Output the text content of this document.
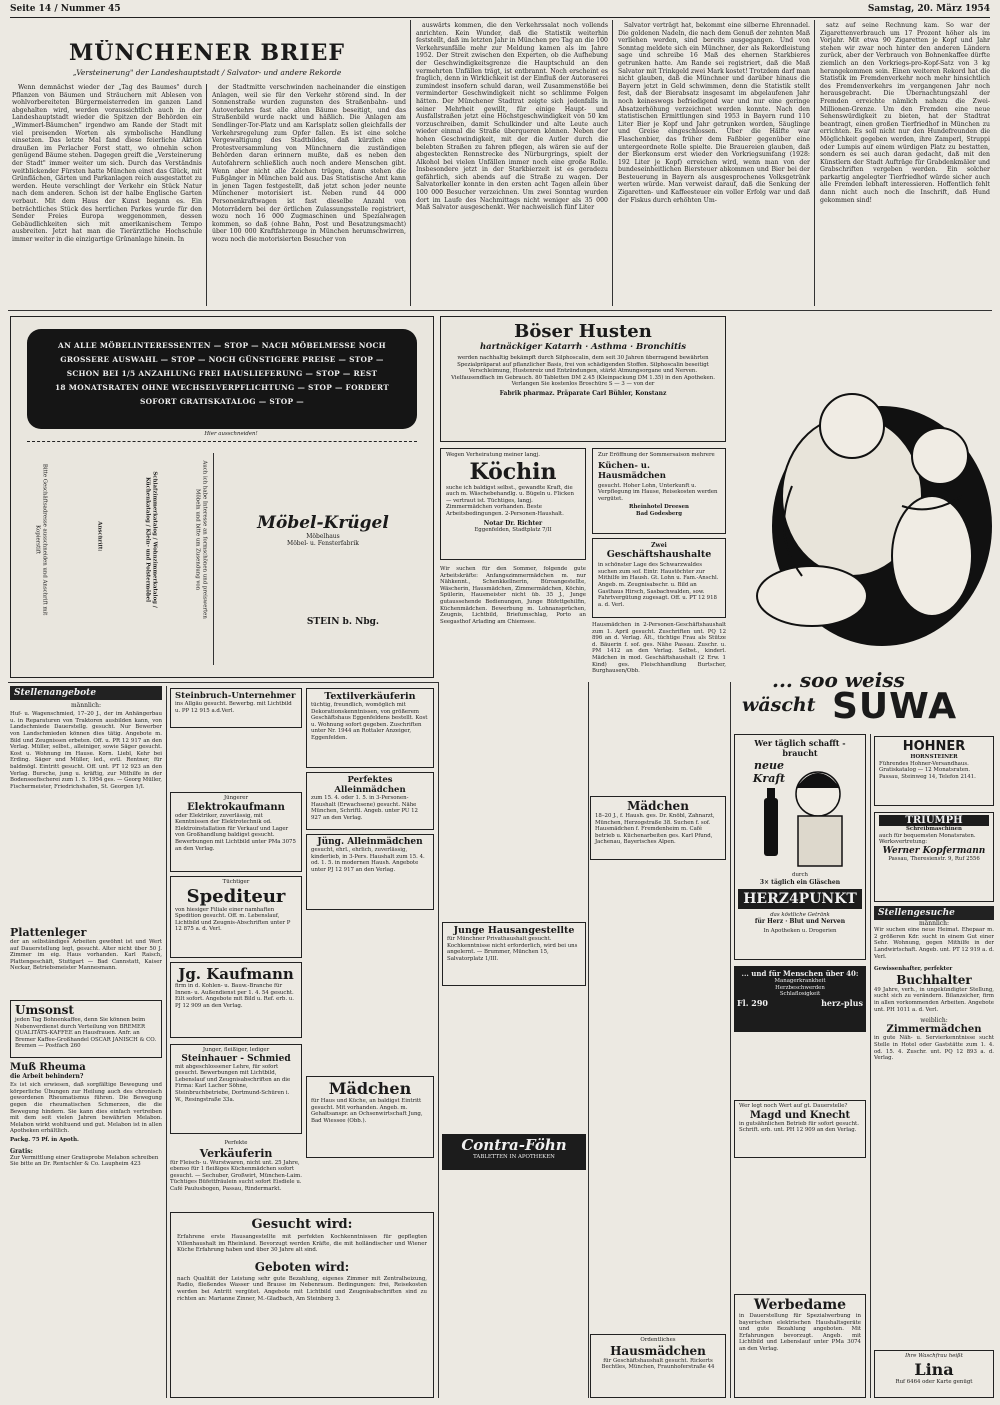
Seite 14 / Nummer 45	Samstag, 20. März 1954
MÜNCHENER BRIEF
„Versteinerung" der Landeshauptstadt / Salvator- und andere Rekorde

Wenn demnächst wieder der „Tag des Baumes" durch Pflanzen von Bäumen und Sträuchern mit Ablesen von wohlvorbereiteten Bürgermeisterreden im ganzen Land abgehalten wird, werden voraussichtlich auch in der Landeshauptstadt wieder die Spitzen der Behörden ein „Wimmerl-Bäumchen" irgendwo am Rande der Stadt mit viel preisenden Worten als symbolische Handlung einsetzen. Das letzte Mal fand diese feierliche Aktion draußen im Perlacher Forst statt, wo ohnehin schon genügend Bäume stehen. Dagegen greift die „Versteinerung der Stadt" immer weiter um sich. Durch das Verständnis weitblickender Fürsten hatte München einst das Glück, mit Grünflächen, Gärten und Parkanlagen reich ausgestattet zu werden. Heute verschlingt der Verkehr ein Stück Natur nach dem anderen. Schon ist der halbe Englische Garten verbaut. Mit dem Haus der Kunst begann es. Ein beträchtliches Stück des herrlichen Parkes wurde für den Sender Freies Europa weggenommen, dessen Gebäudlichkeiten sich mit amerikanischem Tempo ausbreiten. Jetzt hat man die Tierärztliche Hochschule immer weiter in die einzigartige Grünanlage hinein. In

der Stadtmitte verschwinden nacheinander die einstigen Anlagen, weil sie für den Verkehr störend sind. In der Sonnenstraße wurden zugunsten des Straßenbahn- und Autoverkehrs fast alle alten Bäume beseitigt, und das Straßenbild wurde nackt und häßlich. Die Anlagen am Sendlinger-Tor-Platz und am Karlsplatz sollen gleichfalls der Verkehrsregelung zum Opfer fallen. Es ist eine solche Vergewaltigung des Stadtbildes, daß kürzlich eine Protestversammlung von Münchnern die zuständigen Behörden daran erinnern mußte, daß es neben den Autofahrern schließlich auch noch andere Menschen gibt. Wenn aber nicht alle Zeichen trügen, dann stehen die Fußgänger in München bald aus. Das Statistische Amt kann in jenen Tagen festgestellt, daß jetzt schon jeder neunte Münchener motorisiert ist. Neben rund 44 000 Personenkraftwagen ist fast dieselbe Anzahl von Motorrädern bei der örtlichen Zulassungsstelle registriert, wozu noch 16 000 Zugmaschinen und Spezialwagen kommen, so daß (ohne Bahn, Post und Besatzungsmacht) über 100 000 Kraftfahrzeuge in München herumschwirren, wozu noch die motorisierten Besucher von

auswärts kommen, die den Verkehrssalat noch vollends anrichten. Kein Wunder, daß die Statistik weiterhin feststellt, daß im letzten Jahr in München pro Tag an die 100 Verkehrsunfälle mehr zur Meldung kamen als im Jahre 1952. Der Streit zwischen den Experten, ob die Aufhebung der Geschwindigkeitsgrenze die Hauptschuld an den vermehrten Unfällen trägt, ist entbrannt. Noch erscheint es fraglich, denn in Wirklichkeit ist der Einfluß der Autoraserei zumindest insofern schuld daran, weil Zusammenstöße bei verminderter Geschwindigkeit nicht so schlimme Folgen hätten. Der Münchener Stadtrat zeigte sich jedenfalls in seiner Mehrheit gewillt, für einige Haupt- und Ausfallstraßen jetzt eine Höchstgeschwindigkeit von 50 km vorzuschreiben, damit Schulkinder und alte Leute auch wieder einmal die Straße überqueren können. Neben der hohen Geschwindigkeit, mit der die Autler durch die belebten Straßen zu fahren pflegen, als wären sie auf der abgesteckten Rennstrecke des Nürburgrings, spielt der Alkohol bei vielen Unfällen immer noch eine große Rolle. Insbesondere jetzt in der Starkbierzeit ist es geradezu gefährlich, sich abends auf die Straße zu wagen. Der Salvatorkeller konnte in den ersten acht Tagen allein über 100 000 Besucher verzeichnen. Um zwei Sonntag wurden dort im Laufe des Nachmittags nicht weniger als 35 000 Maß Salvator ausgeschenkt. Wer nachweislich fünf Liter

Salvator verträgt hat, bekommt eine silberne Ehrennadel. Die goldenen Nadeln, die nach dem Genuß der zehnten Maß verliehen werden, sind bereits ausgegangen. Und von Sonntag meldete sich ein Münchner, der als Rekordleistung sage und schreibe 16 Maß des ehernen Starkbieres getrunken hatte. Am Rande sei registriert, daß die Maß Salvator mit Trinkgeld zwei Mark kostet! Trotzdem darf man nicht glauben, daß die Münchner und darüber hinaus die Bayern jetzt in Geld schwimmen, denn die Statistik stellt fest, daß der Bierabsatz insgesamt im abgelaufenen Jahr noch keineswegs befriedigend war und nur eine geringe Absatzerhöhung verzeichnet werden konnte. Nach den statistischen Ermittlungen sind 1953 in Bayern rund 110 Liter Bier je Kopf und Jahr getrunken worden, Säuglinge und Greise eingeschlossen. Über die Hälfte war Flaschenbier, das früher dem Faßbier gegenüber eine untergeordnete Rolle spielte. Die Brauereien glauben, daß der Bierkonsum erst wieder den Vorkriegsumfang (1928: 192 Liter je Kopf) erreichen wird, wenn man von der bundeseinheitlichen Biersteuer abkommen und Bier bei der Besteuerung in Bayern als ausgesprochenes Volksgetränk werten würde. Man verweist darauf, daß die Senkung der Zigaretten- und Kaffeesteuer ein voller Erfolg war und daß der Fiskus durch erhöhten Um-

satz auf seine Rechnung kam. So war der Zigarettenverbrauch um 17 Prozent höher als im Vorjahr. Mit etwa 90 Zigaretten je Kopf und Jahr stehen wir zwar noch hinter den anderen Ländern zurück, aber der Verbrauch von Bohnenkaffee dürfte ziemlich an den Vorkriegs-pro-Kopf-Satz von 3 kg herangekommen sein. Einen weiteren Rekord hat die Statistik im Fremdenverkehr noch mehr hinsichtlich des Fremdenverkehrs im vergangenen Jahr noch herausgebracht. Die Übernachtungszahl der Fremden erreichte nämlich nahezu die Zwei-Millionen-Grenze. Um den Fremden eine neue Sehenswürdigkeit zu bieten, hat der Stadtrat beantragt, einen großen Tierfriedhof in München zu errichten. Es soll nicht nur den Hundefreunden die Möglichkeit gegeben werden, ihre Zamperl, Struppi oder Lumpis auf einem würdigen Platz zu bestatten, sondern es sei auch daran gedacht, daß mit den Künstlern der Stadt Aufträge für Grabdenkmäler und Grabschriften vergeben werden. Ein solcher parkartig angelegter Tierfriedhof würde sicher auch alle Fremden lebhaft interessieren. Hoffentlich fehlt dann nicht auch noch die Inschrift, daß Hund gekommen sind!

AN ALLE MÖBELINTERESSENTEN — STOP — NACH MÖBELMESSE NOCH
GROSSERE AUSWAHL — STOP — NOCH GÜNSTIGERE PREISE — STOP —
SCHON BEI 1/5 ANZAHLUNG FREI HAUSLIEFERUNG — STOP — REST
18 MONATSRATEN OHNE WECHSELVERPFLICHTUNG — STOP — FORDERT
SOFORT GRATISKATALOG — STOP —
Hier ausschneiden!
Bitte Geschäftsadresse ausschneiden und Anschrift mit Kopierstift	Anschrift:	Auch ich habe Interesse an formschönen und preiswerten Möbeln und bitte um Zusendung von
Schlafzimmerkatalog / Wohnzimmerkatalog / Küchenkatalog / Klein- und Polstermöbel	Möbel-Krügel
Möbelhaus
Möbel- u. Fensterfabrik
STEIN b. Nbg.
Böser Husten
hartnäckiger Katarrh · Asthma · Bronchitis
werden nachhaltig bekämpft durch Silphoscalin, dem seit 30 Jahren überragend bewährten Spezialpräparat auf pflanzlicher Basis, frei von schädigenden Stoffen. Silphoscalin beseitigt Verschleimung, Hustenreiz und Entzündungen, stärkt Atmungsorgane und Nerven. Vielfausendfach im Gebrauch. 80 Tabletten DM 2.45 (Kleinpackung DM 1.35) in den Apotheken. Verlangen Sie kostenlos Broschüre S — 3 — von der
Fabrik pharmaz. Präparate Carl Bühler, Konstanz
Wegen Verheiratung meiner langj.
Köchin
suche ich baldigst selbst., gewandte Kraft, die auch m. Wäschebehandlg. u. Bügeln u. Flicken — vertraut ist. Tüchtiges, langj. Zimmermädchen vorhanden. Beste Arbeitsbedingungen. 2-Personen-Haushalt.
Notar Dr. Richter
Eggenfelden, Stadtplatz 7/II
Zur Eröffnung der Sommersaison mehrere
Küchen- u. Hausmädchen
gesucht. Hoher Lohn, Unterkunft u. Verpflegung im Hause, Reisekosten werden vergütet.
Rheinhotel Dreesen
Bad Godesberg
Zwei
Geschäftshaushalte
in schönster Lage des Schwarzwaldes suchen zum sof. Eintr. Haustöchter zur Mithilfe im Haush. Gt. Lohn u. Fam.-Anschl. Angeb. m. Zeugnisabschr. u. Bild an Gasthaus Hirsch, Sasbachwalden, sow. Fahrtvergütung zugesagt. Off. u. PT 12 918 a. d. Verl.
Wir suchen für den Sommer, folgende gute Arbeitskräfte: Anfangszimmermädchen m. nur Nähkennt., Schenkkellnerin, Büroangestellte, Wäscherin, Hausmädchen, Zimmermädchen, Köchin, Spülerin, Hausmeister nicht üb. 35 J., Junge gutaussehende Bedienungen, Junge Büfettgehilfin, Küchenmädchen. Bewerbung m. Lohnansprüchen, Zeugnis, Lichtbild, Briefumschlag, Porto an Seegasthof Arlading am Chiemsee.
Hausmädchen in 2-Personen-Geschäftshaushalt zum 1. April gesucht. Zuschriften unt. PQ 12 896 an d. Verlag. Ält., tüchtige Frau als Stütze d. Bäuerin f. sof. ges. Nähe Passau. Zuschr. u. PM 1412 an den Verlag. Selbst., kinderl. Mädchen in mod. Geschäftshaushalt (2 Erw. 1 Kind) ges. Fleischhandlung Burtscher, Burghausen/Obb.	... soo weiss
wäscht SUWA
Stellenangebote
männlich:
Huf- u. Wagenschmied, 17–20 J., der im Anhängerbau u. in Reparaturen von Traktoren ausbilden kann, von Landschmiede Dauerstellg. gesucht. Nur Bewerber von Landschmieden können dies tätig. Angebote m. Bild und Zeugnissen erbeten. Off. u. PR 12 917 an den Verlag. Müller, selbst., alleiniger, sowie Säger gesucht. Kost u. Wohnung im Hause. Korn. Liebl, Kehr bei Erding. Säger und Müller, led., evtl. Rentner, für baldmögl. Eintritt gesucht. Off. unt. PT 12 923 an den Verlag. Bursche, jung u. kräftig, zur Mithilfe in der Bodenseefischerei zum 1. 5. 1954 ges. — Georg Müller, Fischermeister, Friedrichshafen, St. Georgen 1/I.
Plattenleger
der an selbständiges Arbeiten gewöhnt ist und Wert auf Dauerstellung legt, gesucht. Alter nicht über 50 J. Zimmer im eig. Haus vorhanden. Karl Raisch, Plattengeschäft, Stuttgart — Bad Cannstatt, Kaiser Neckar, Betriebsmeister Mannesmann.
Umsonst
jeden Tag Bohnenkaffee, denn Sie können beim Nebenverdienst durch Verteilung von BREMER QUALITÄTS-KAFFEE an Hausfrauen. Anfr. an Bremer Kaffee-Großhandel OSCAR JANISCH & CO. Bremen — Postfach 260
Muß Rheuma
die Arbeit behindern?
Es ist sich erwiesen, daß sorgfältige Bewegung und körperliche Übungen zur Heilung auch des chronisch gewordenen Rheumatismus führen. Die Bewegung gegen die rheumatischen Schmerzen, die die Bewegung hindern. Sie kann dies einfach vertreiben mit dem seit vielen Jahren bewährten Melabon. Melabon wirkt wohltuend und gut. Melabon ist in allen Apotheken erhältlich.
Packg. 75 Pf. in Apoth.
Gratis:
Zur Vermittlung einer Gratisprobe Melabon schreiben Sie bitte an Dr. Rentschler & Co. Laupheim 423
Steinbruch-Unternehmer
ins Allgäu gesucht. Bewerbg. mit Lichtbild u. PP 12 915 a.d.Verl.
Jüngerer
Elektrokaufmann
oder Elektriker, zuverlässig, mit Kenntnissen der Elektrotechnik od. Elektroinstallation für Verkauf und Lager von Großhandlung baldigst gesucht. Bewerbungen mit Lichtbild unter PMa 3075 an den Verlag.
Tüchtiger
Spediteur
von hiesiger Filiale einer namhaften Spedition gesucht. Off. m. Lebenslauf, Lichtbild und Zeugnis-Abschriften unter P 12 875 a. d. Verl.
Jg. Kaufmann
firm in d. Kohlen- u. Bauw.-Branche für Innen- u. Außendienst per 1. 4. 54 gesucht. Eilt sofort. Angebote mit Bild u. Ref. erb. u. PJ 12 909 an den Verlag.
Junger, fleißiger, lediger
Steinhauer - Schmied
mit abgeschlossener Lehre, für sofort gesucht. Bewerbungen mit Lichtbild, Lebenslauf und Zeugnisabschriften an die Firma: Karl Lacher Söhne, Steinbruchbetriebe, Dortmund-Schüren i. W., Resingstraße 33a.
Perfekte
Verkäuferin
für Fleisch- u. Wurstwaren, nicht unt. 25 Jahre, ebenso für 1 fleißiges Küchenmädchen sofort gesucht. — Sechuber, Großwirt, München-Laim. Tüchtiges Büfettfräulein sucht sofort Eisdiele u. Café Paulusbogen, Passau, Rindermarkt.
Textilverkäuferin
tüchtig, freundlich, womöglich mit Dekorationskenntnissen, von größerem Geschäftshaus Eggenfeldens bestellt. Kost u. Wohnung sofort gegeben. Zuschriften unter Nr. 1944 an Rottaler Anzeiger, Eggenfelden.
Perfektes Alleinmädchen
zum 15. 4. oder 1. 5. in 3-Personen-Haushalt (Erwachsene) gesucht. Nähe München, Schriftl. Angeb. unter PU 12 927 an den Verlag.
Jüng. Alleinmädchen
gesucht, ehrl., ehrlich, zuverlässig, kinderlieb, in 3-Pers. Haushalt zum 15. 4. od. 1. 5. in modernen Haush. Angebote unter PJ 12 917 an den Verlag.
Mädchen
für Haus und Küche, an baldigst Eintritt gesucht. Mit vorhanden. Angeb. m. Gehaltsanspr. an Ochsenwirtschaft Jung, Bad Wiessee (Obb.).
Gesucht wird:
Erfahrene erste Hausangestellte mit perfekten Kochkenntnissen für gepflegten Villenhaushalt im Rheinland. Bevorzugt werden Kräfte, die mit holländischer und Wiener Küche Erfahrung haben und über 30 Jahre alt sind.
Geboten wird:
nach Qualität der Leistung sehr gute Bezahlung, eigenes Zimmer mit Zentralheizung, Radio, fließendes Wasser und Brause im Nebenraum. Bedingungen: frei, Reisekosten werden bei Antritt vergütet. Angebote mit Lichtbild und Zeugnisabschriften sind zu richten an: Marianne Zinner, M.-Gladbach, Am Steinberg 3.
Junge Hausangestellte
für Münchner Privathaushalt gesucht. Kochkenntnisse nicht erforderlich, wird bei uns angelernt. — Brummer, München 15, Salvatorplatz 1/III.
Contra-Föhn
TABLETTEN IN APOTHEKEN
Ordentliches
Hausmädchen
für Geschäftshaushalt gesucht. Rickerts Bechtles, München, Fraunhoferstraße 44
Mädchen
18–20 J., f. Haush. ges. Dr. Knöbl, Zahnarzt, München, Herzogstraße 38. Suchen f. sof. Hausmädchen f. Fremdenheim m. Café betrieb u. Küchenarbeiten ges. Karl Pfund, Jachenau, Bayerisches Alpen.
Wer täglich schafft - braucht
neue Kraft
durch
3× täglich ein Gläschen
HERZ4PUNKT
das köstliche Getränk
für Herz · Blut und Nerven
In Apotheken u. Drogerien
... und für Menschen über 40:
Managerkrankheit
Herzbeschwerden
Schlaflosigkeit
Fl. 290	herz-plus
Wer legt noch Wert auf gt. Dauerstelle?
Magd und Knecht
in gutsähnlichen Betrieb für sofort gesucht. Schrift. erb. unt. PH 12 909 an den Verlag.
Werbedame
in Dauerstellung für Spezialwerbung in bayerischen elektrischen Haushaltsgeräte und gute Bezahlung angeboten. Mit Erfahrungen bevorzugt. Angeb. mit Lichtbild und Lebenslauf unter PMa 3074 an den Verlag.
HOHNER
HORNSTEINER
Führendes Hohner-Versandhaus. Gratiskatalog — 12 Monatsraten. Passau, Steinweg 14, Telefon 2141.
TRIUMPH
Schreibmaschinen
auch für bequemsten Monatsraten. Werksvertretung:
Werner Kopfermann
Passau, Theresienstr. 9, Ruf 2556
Stellengesuche
männlich:
Wir suchen eine neue Heimat. Ehepaar m. 2 größeren Kdr. sucht in einem Gut einer Sehr. Wohnung, gegen Mithilfe in der Landwirtschaft. Angeb. unt. PT 12 919 a. d. Verl.
Gewissenhafter, perfekter
Buchhalter
49 Jahre, verh., in ungekündigter Stellung, sucht sich zu verändern. Bilanzsicher, firm in allen vorkommenden Arbeiten. Angebote unt. PH 1011 a. d. Verl.
weiblich:
Zimmermädchen
in gute Näh- u. Servierkenntnisse sucht Stelle in Hotel oder Gaststätte zum 1. 4. od. 15. 4. Zuschr. unt. PQ 12 893 a. d. Verlag.
Ihre Waschfrau heißt
Lina
Ruf 6464 oder Karte genügt
